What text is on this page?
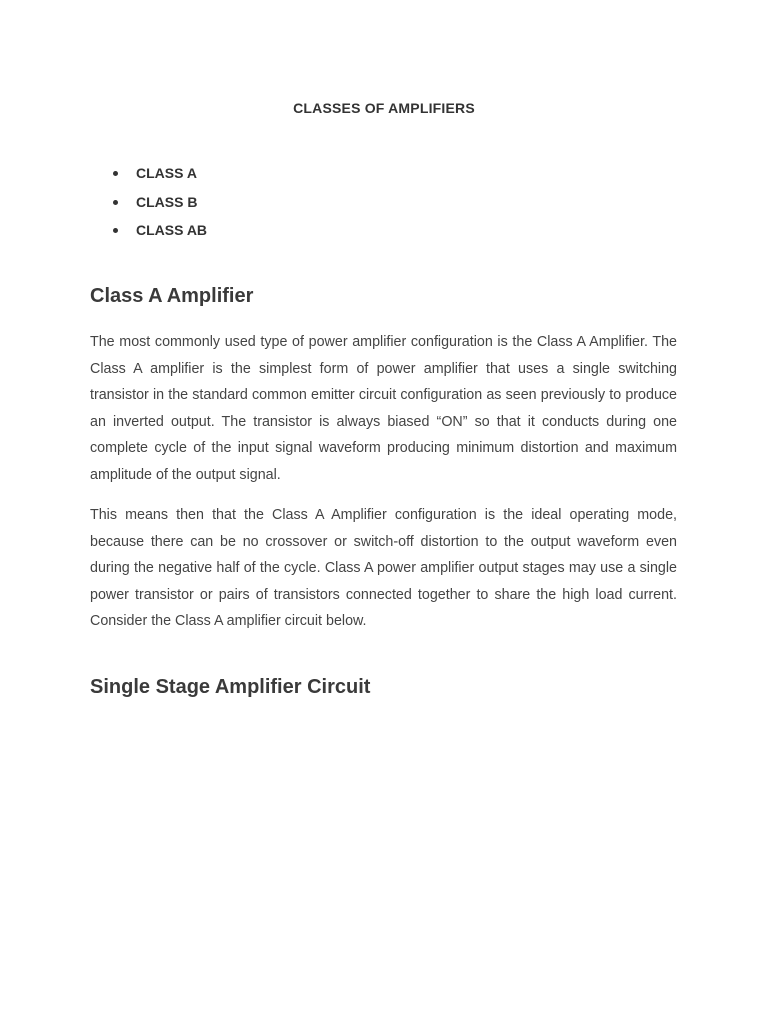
CLASSES OF AMPLIFIERS
CLASS A
CLASS B
CLASS AB
Class A Amplifier

The most commonly used type of power amplifier configuration is the Class A Amplifier. The Class A amplifier is the simplest form of power amplifier that uses a single switching transistor in the standard common emitter circuit configuration as seen previously to produce an inverted output. The transistor is always biased “ON” so that it conducts during one complete cycle of the input signal waveform producing minimum distortion and maximum amplitude of the output signal.

This means then that the Class A Amplifier configuration is the ideal operating mode, because there can be no crossover or switch-off distortion to the output waveform even during the negative half of the cycle. Class A power amplifier output stages may use a single power transistor or pairs of transistors connected together to share the high load current. Consider the Class A amplifier circuit below.

Single Stage Amplifier Circuit
